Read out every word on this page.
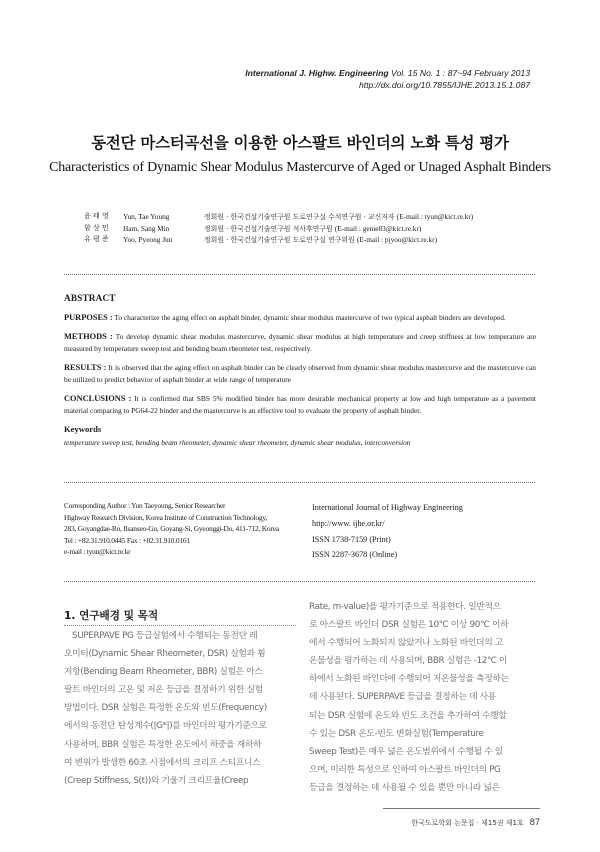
International J. Highw. Engineering Vol. 15 No. 1 : 87~94 February 2013
http://dx.doi.org/10.7855/IJHE.2013.15.1.087
동전단 마스터곡선을 이용한 아스팔트 바인더의 노화 특성 평가
Characteristics of Dynamic Shear Modulus Mastercurve of Aged or Unaged Asphalt Binders
윤 태 영 Yun, Tae Young	정회원 · 한국건설기술연구원 도로연구실 수석연구원 · 교신저자 (E-mail : tyun@kict.re.kr)
함 상 민 Ham, Sang Min	정회원 · 한국건설기술연구원 석사후연구원 (E-mail : genie83@kict.re.kr)
유 평 준 Yoo, Pyeong Jun	정회원 · 한국건설기술연구원 도로연구실 연구위원 (E-mail : pjyoo@kict.re.kr)
ABSTRACT

PURPOSES : To characterize the aging effect on asphalt binder, dynamic shear modulus mastercurve of two typical asphalt binders are developed.

METHODS : To develop dynamic shear modulus mastercurve, dynamic shear modulus at high temperature and creep stiffness at low temperature are measured by temperature sweep test and bending beam rheometer test, respectively.

RESULTS : It is observed that the aging effect on asphalt binder can be clearly observed from dynamic shear modulus mastercurve and the mastercurve can be utilized to predict behavior of asphalt binder at wide range of temperature

CONCLUSIONS : It is confirmed that SBS 5% modified binder has more desirable mechanical property at low and high temperature as a pavement material comparing to PG64-22 binder and the mastercurve is an effective tool to evaluate the property of asphalt binder.

Keywords

temperature sweep test, bending beam rheometer, dynamic shear rheometer, dynamic shear modulus, interconversion

Corresponding Author : Yun Taeyoung, Senior Researcher
Highway Research Division, Korea Institute of Construction Technology,
283, Goyangdae-Ro, Ilsanseo-Gu, Goyang-Si, Gyeonggi-Do, 411-712, Korea
Tel : +82.31.910.0445 Fax : +82.31.910.0161
e-mail : tyun@kict.re.kr
International Journal of Highway Engineering
http://www. ijhe.or.kr/
ISSN 1738-7159 (Print)
ISSN 2287-3678 (Online)
1. 연구배경 및 목적
SUPERPAVE PG 등급실험에서 수행되는 동전단 레
오미터(Dynamic Shear Rheometer, DSR) 실험과 휨
저항(Bending Beam Rheometer, BBR) 실험은 아스
팔트 바인더의 고온 및 저온 등급을 결정하기 위한 실험
방법이다. DSR 실험은 특정한 온도와 빈도(Frequency)
에서의 동전단 탄성계수(|G*|)를 바인더의 평가기준으로
사용하며, BBR 실험은 특정한 온도에서 하중을 재하하
여 변위가 발생한 60초 시점에서의 크리프 스티프니스
(Creep Stiffness, S(t))와 기울기 크리프율(Creep
Rate, m-value)을 평가기준으로 적용한다. 일반적으
로 아스팔트 바인더 DSR 실험은 10℃ 이상 90℃ 이하
에서 수행되어 노화되지 않았거나 노화된 바인더의 고
온물성을 평가하는 데 사용되며, BBR 실험은 -12℃ 이
하에서 노화된 바인더에 수행되어 저온물성을 측정하는
데 사용된다. SUPERPAVE 등급을 결정하는 데 사용
되는 DSR 실험에 온도와 빈도 조건을 추가하여 수행할
수 있는 DSR 온도-빈도 변화실험(Temperature
Sweep Test)은 매우 넓은 온도범위에서 수행될 수 있
으며, 이러한 특성으로 인하여 아스팔트 바인더의 PG
등급을 결정하는 데 사용될 수 있을 뿐만 아니라 넓은
한국도로학회 논문집 · 제15권 제1호 87
